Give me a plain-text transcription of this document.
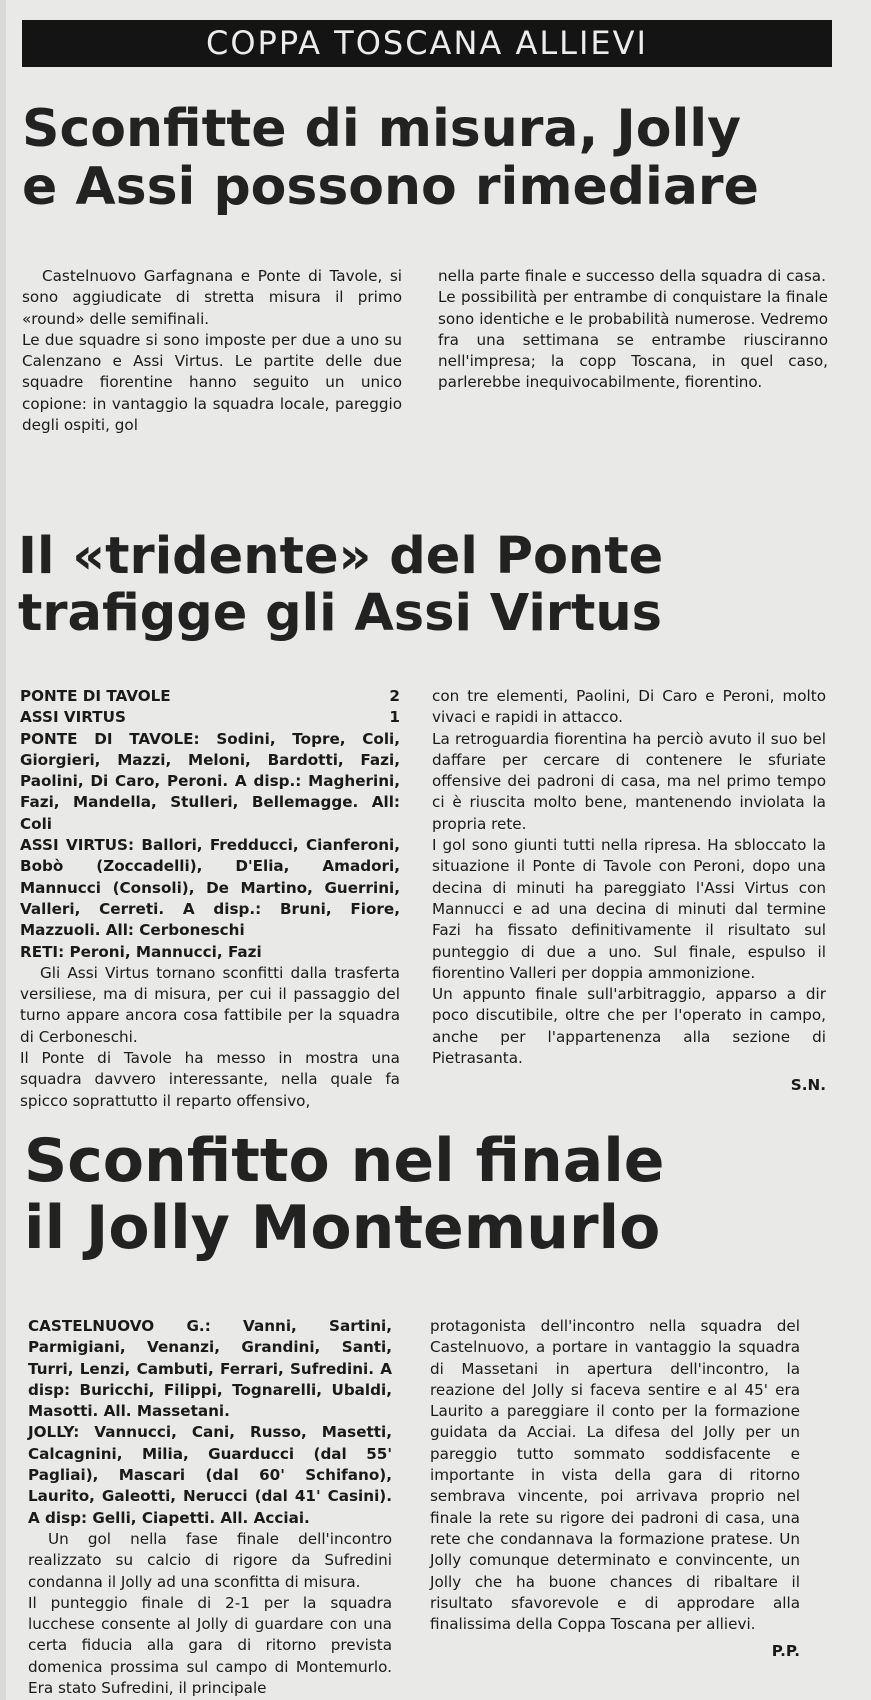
COPPA TOSCANA ALLIEVI
Sconfitte di misura, Jolly
e Assi possono rimediare

Castelnuovo Garfagnana e Ponte di Tavole, si sono aggiudicate di stretta misura il primo «round» delle semifinali.

Le due squadre si sono imposte per due a uno su Calenzano e Assi Virtus. Le partite delle due squadre fiorentine hanno seguito un unico copione: in vantaggio la squadra locale, pareggio degli ospiti, gol

nella parte finale e successo della squadra di casa.

Le possibilità per entrambe di conquistare la finale sono identiche e le probabilità numerose. Vedremo fra una settimana se entrambe riusciranno nell'impresa; la copp Toscana, in quel caso, parlerebbe inequivocabilmente, fiorentino.

Il «tridente» del Ponte
trafigge gli Assi Virtus
PONTE DI TAVOLE	2
ASSI VIRTUS	1

PONTE DI TAVOLE: Sodini, Topre, Coli, Giorgieri, Mazzi, Meloni, Bardotti, Fazi, Paolini, Di Caro, Peroni. A disp.: Magherini, Fazi, Mandella, Stulleri, Bellemagge. All: Coli

ASSI VIRTUS: Ballori, Fredducci, Cianferoni, Bobò (Zoccadelli), D'Elia, Amadori, Mannucci (Consoli), De Martino, Guerrini, Valleri, Cerreti. A disp.: Bruni, Fiore, Mazzuoli. All: Cerboneschi

RETI: Peroni, Mannucci, Fazi

Gli Assi Virtus tornano sconfitti dalla trasferta versiliese, ma di misura, per cui il passaggio del turno appare ancora cosa fattibile per la squadra di Cerboneschi.

Il Ponte di Tavole ha messo in mostra una squadra davvero interessante, nella quale fa spicco soprattutto il reparto offensivo,

con tre elementi, Paolini, Di Caro e Peroni, molto vivaci e rapidi in attacco.

La retroguardia fiorentina ha perciò avuto il suo bel daffare per cercare di contenere le sfuriate offensive dei padroni di casa, ma nel primo tempo ci è riuscita molto bene, mantenendo inviolata la propria rete.

I gol sono giunti tutti nella ripresa. Ha sbloccato la situazione il Ponte di Tavole con Peroni, dopo una decina di minuti ha pareggiato l'Assi Virtus con Mannucci e ad una decina di minuti dal termine Fazi ha fissato definitivamente il risultato sul punteggio di due a uno. Sul finale, espulso il fiorentino Valleri per doppia ammonizione.

Un appunto finale sull'arbitraggio, apparso a dir poco discutibile, oltre che per l'operato in campo, anche per l'appartenenza alla sezione di Pietrasanta.

S.N.
Sconfitto nel finale
il Jolly Montemurlo

CASTELNUOVO G.: Vanni, Sartini, Parmigiani, Venanzi, Grandini, Santi, Turri, Lenzi, Cambuti, Ferrari, Sufredini. A disp: Buricchi, Filippi, Tognarelli, Ubaldi, Masotti. All. Massetani.

JOLLY: Vannucci, Cani, Russo, Masetti, Calcagnini, Milia, Guarducci (dal 55' Pagliai), Mascari (dal 60' Schifano), Laurito, Galeotti, Nerucci (dal 41' Casini). A disp: Gelli, Ciapetti. All. Acciai.

Un gol nella fase finale dell'incontro realizzato su calcio di rigore da Sufredini condanna il Jolly ad una sconfitta di misura.

Il punteggio finale di 2-1 per la squadra lucchese consente al Jolly di guardare con una certa fiducia alla gara di ritorno prevista domenica prossima sul campo di Montemurlo. Era stato Sufredini, il principale

protagonista dell'incontro nella squadra del Castelnuovo, a portare in vantaggio la squadra di Massetani in apertura dell'incontro, la reazione del Jolly si faceva sentire e al 45' era Laurito a pareggiare il conto per la formazione guidata da Acciai. La difesa del Jolly per un pareggio tutto sommato soddisfacente e importante in vista della gara di ritorno sembrava vincente, poi arrivava proprio nel finale la rete su rigore dei padroni di casa, una rete che condannava la formazione pratese. Un Jolly comunque determinato e convincente, un Jolly che ha buone chances di ribaltare il risultato sfavorevole e di approdare alla finalissima della Coppa Toscana per allievi.

P.P.
